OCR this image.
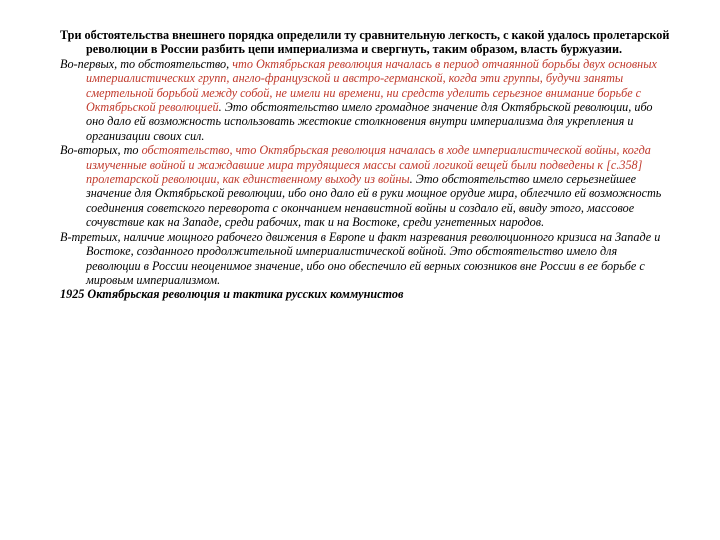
Три обстоятельства внешнего порядка определили ту сравнительную легкость, с какой удалось пролетарской революции в России разбить цепи империализма и свергнуть, таким образом, власть буржуазии.

Во-первых, то обстоятельство, что Октябрьская революция началась в период отчаянной борьбы двух основных империалистических групп, англо-французской и австро-германской, когда эти группы, будучи заняты смертельной борьбой между собой, не имели ни времени, ни средств уделить серьезное внимание борьбе с Октябрьской революцией. Это обстоятельство имело громадное значение для Октябрьской революции, ибо оно дало ей возможность использовать жестокие столкновения внутри империализма для укрепления и организации своих сил.

Во-вторых, то обстоятельство, что Октябрьская революция началась в ходе империалистической войны, когда измученные войной и жаждавшие мира трудящиеся массы самой логикой вещей были подведены к [с.358] пролетарской революции, как единственному выходу из войны. Это обстоятельство имело серьезнейшее значение для Октябрьской революции, ибо оно дало ей в руки мощное орудие мира, облегчило ей возможность соединения советского переворота с окончанием ненавистной войны и создало ей, ввиду этого, массовое сочувствие как на Западе, среди рабочих, так и на Востоке, среди угнетенных народов.

В-третьих, наличие мощного рабочего движения в Европе и факт назревания революционного кризиса на Западе и Востоке, созданного продолжительной империалистической войной. Это обстоятельство имело для революции в России неоценимое значение, ибо оно обеспечило ей верных союзников вне России в ее борьбе с мировым империализмом.

1925 Октябрьская революция и тактика русских коммунистов
